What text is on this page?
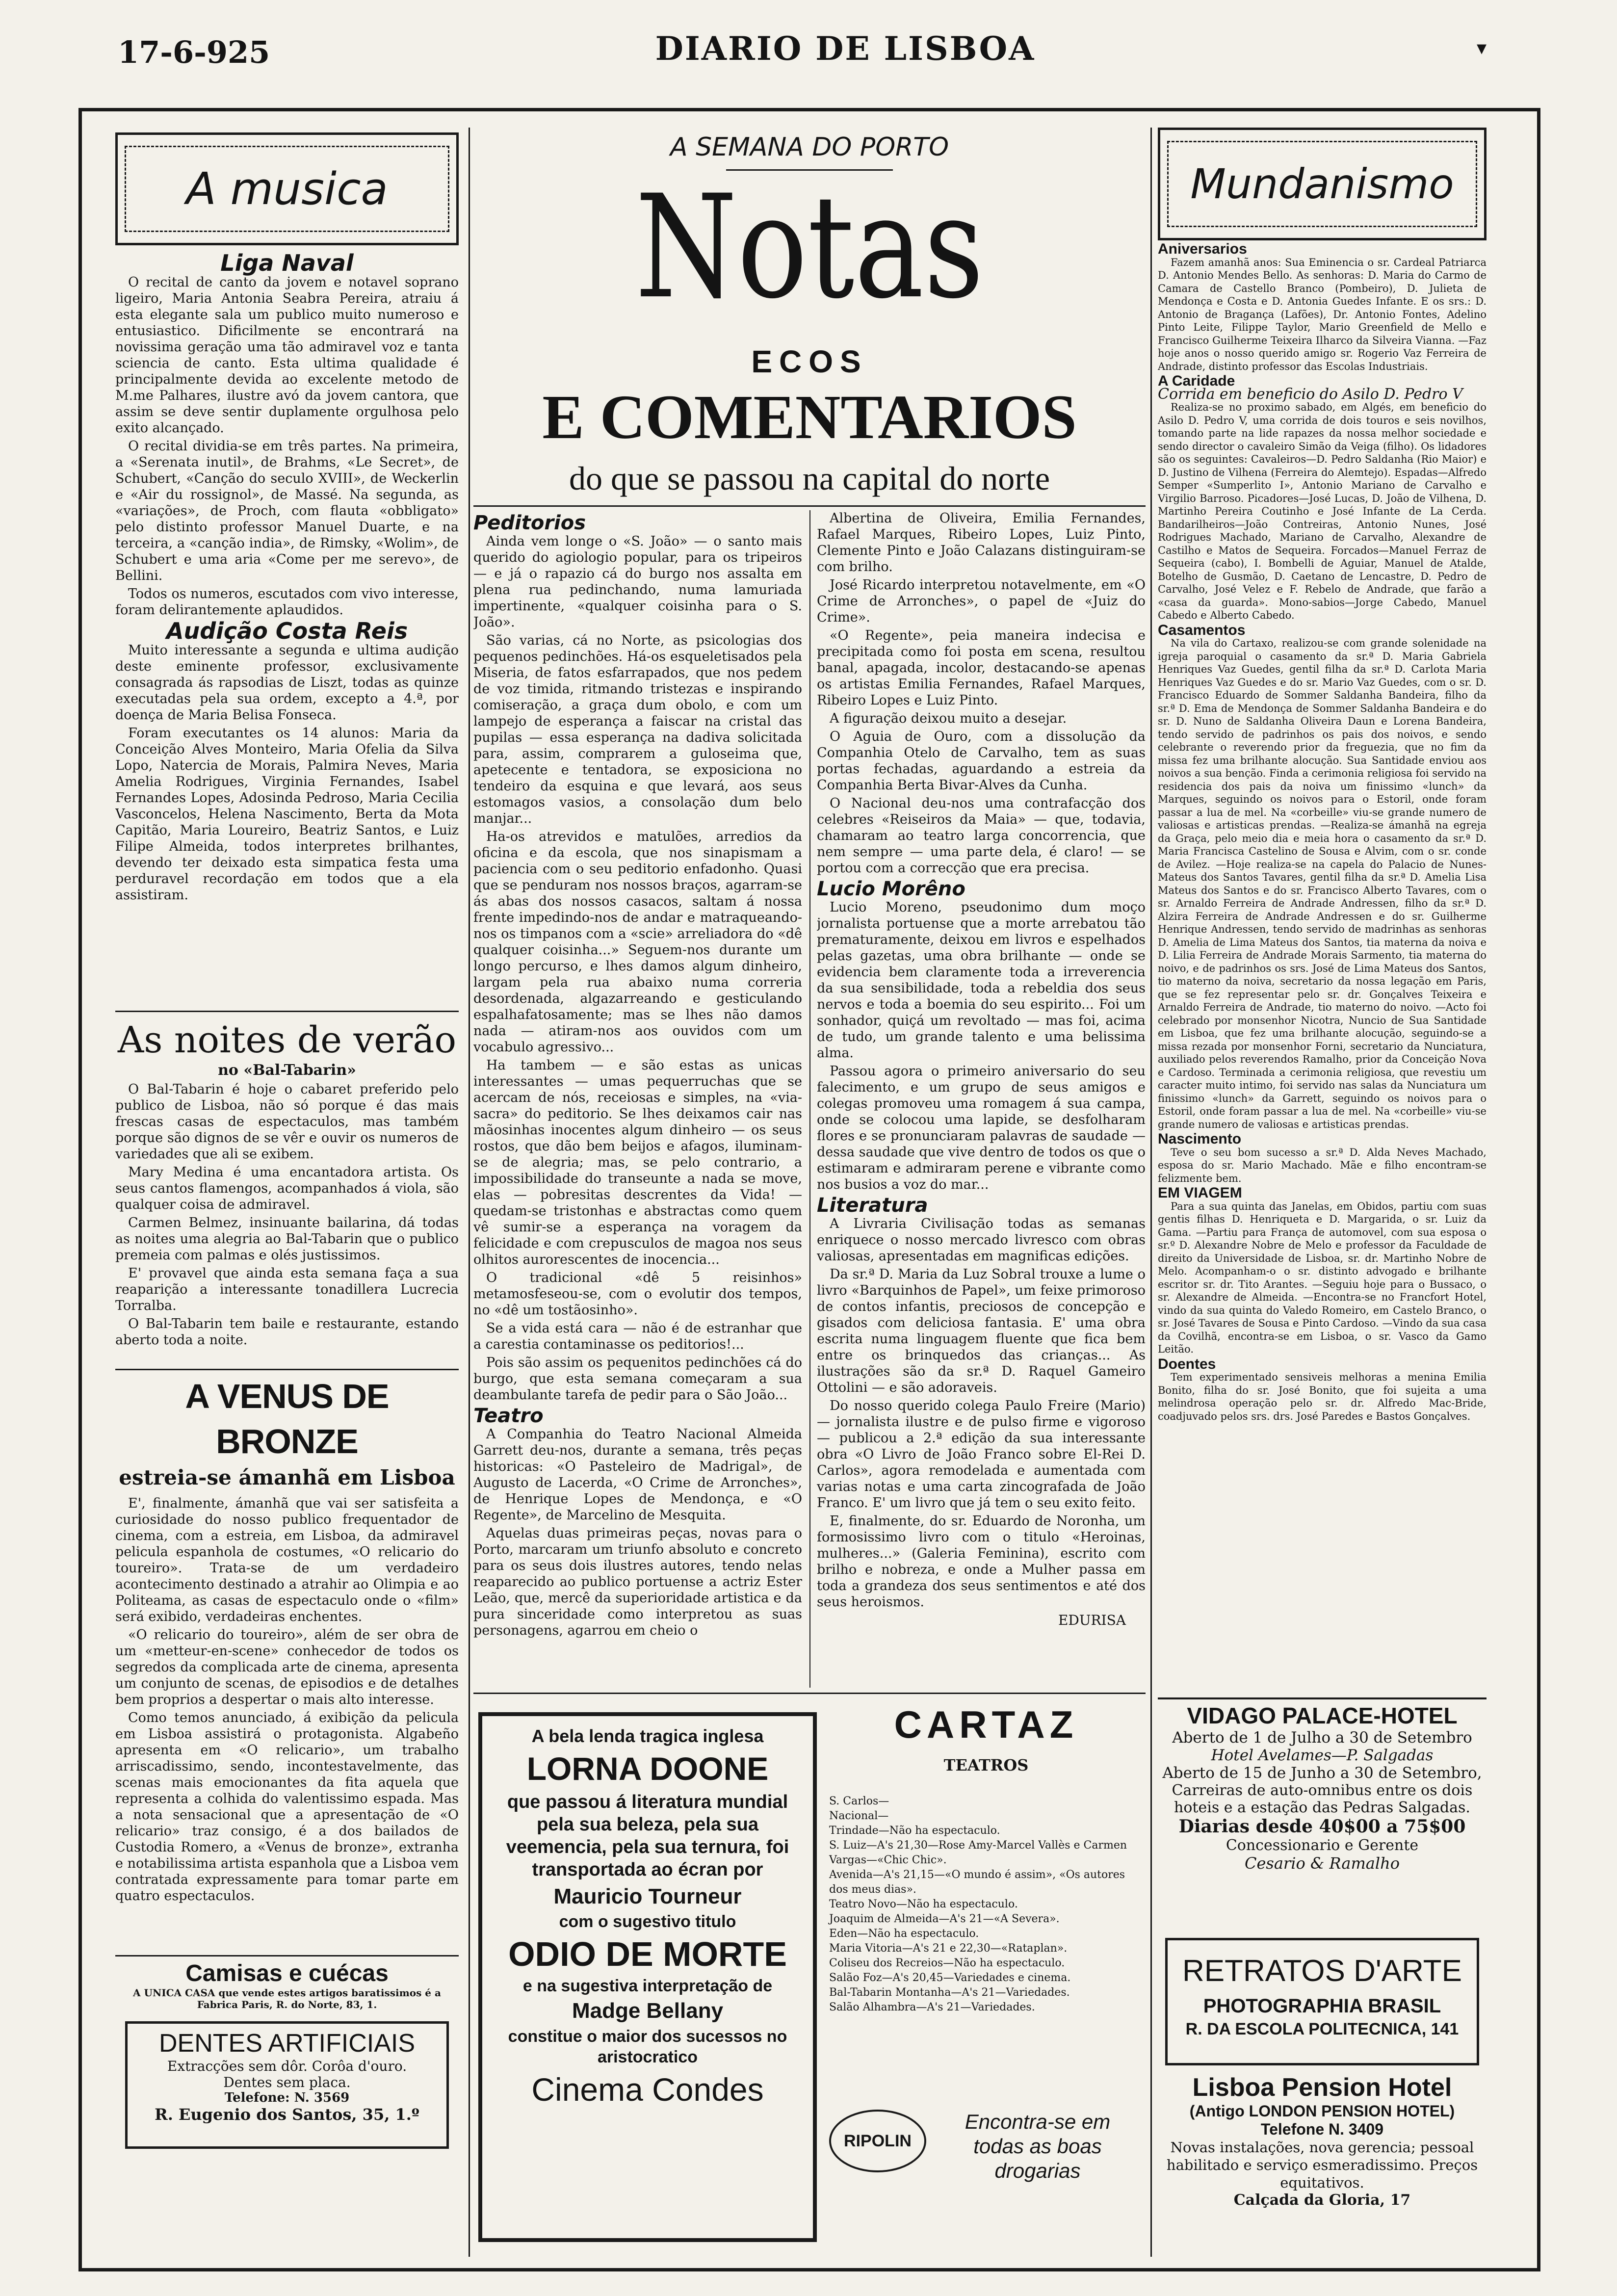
17-6-925	DIARIO DE LISBOA	▾
A musica
Liga Naval

O recital de canto da jovem e notavel soprano ligeiro, Maria Antonia Seabra Pereira, atraiu á esta elegante sala um publico muito numeroso e entusiastico. Dificilmente se encontrará na novissima geração uma tão admiravel voz e tanta sciencia de canto. Esta ultima qualidade é principalmente devida ao excelente metodo de M.me Palhares, ilustre avó da jovem cantora, que assim se deve sentir duplamente orgulhosa pelo exito alcançado.

O recital dividia-se em três partes. Na primeira, a «Serenata inutil», de Brahms, «Le Secret», de Schubert, «Canção do seculo XVIII», de Weckerlin e «Air du rossignol», de Massé. Na segunda, as «variações», de Proch, com flauta «obbligato» pelo distinto professor Manuel Duarte, e na terceira, a «canção india», de Rimsky, «Wolim», de Schubert e uma aria «Come per me serevo», de Bellini.

Todos os numeros, escutados com vivo interesse, foram delirantemente aplaudidos.

Audição Costa Reis

Muito interessante a segunda e ultima audição deste eminente professor, exclusivamente consagrada ás rapsodias de Liszt, todas as quinze executadas pela sua ordem, excepto a 4.ª, por doença de Maria Belisa Fonseca.

Foram executantes os 14 alunos: Maria da Conceição Alves Monteiro, Maria Ofelia da Silva Lopo, Natercia de Morais, Palmira Neves, Maria Amelia Rodrigues, Virginia Fernandes, Isabel Fernandes Lopes, Adosinda Pedroso, Maria Cecilia Vasconcelos, Helena Nascimento, Berta da Mota Capitão, Maria Loureiro, Beatriz Santos, e Luiz Filipe Almeida, todos interpretes brilhantes, devendo ter deixado esta simpatica festa uma perduravel recordação em todos que a ela assistiram.

As noites de verão
no «Bal-Tabarin»

O Bal-Tabarin é hoje o cabaret preferido pelo publico de Lisboa, não só porque é das mais frescas casas de espectaculos, mas também porque são dignos de se vêr e ouvir os numeros de variedades que ali se exibem.

Mary Medina é uma encantadora artista. Os seus cantos flamengos, acompanhados á viola, são qualquer coisa de admiravel.

Carmen Belmez, insinuante bailarina, dá todas as noites uma alegria ao Bal-Tabarin que o publico premeia com palmas e olés justissimos.

E' provavel que ainda esta semana faça a sua reaparição a interessante tonadillera Lucrecia Torralba.

O Bal-Tabarin tem baile e restaurante, estando aberto toda a noite.

A VENUS DE BRONZE
estreia-se ámanhã em Lisboa

E', finalmente, ámanhã que vai ser satisfeita a curiosidade do nosso publico frequentador de cinema, com a estreia, em Lisboa, da admiravel pelicula espanhola de costumes, «O relicario do toureiro». Trata-se de um verdadeiro acontecimento destinado a atrahir ao Olimpia e ao Politeama, as casas de espectaculo onde o «film» será exibido, verdadeiras enchentes.

«O relicario do toureiro», além de ser obra de um «metteur-en-scene» conhecedor de todos os segredos da complicada arte de cinema, apresenta um conjunto de scenas, de episodios e de detalhes bem proprios a despertar o mais alto interesse.

Como temos anunciado, á exibição da pelicula em Lisboa assistirá o protagonista. Algabeño apresenta em «O relicario», um trabalho arriscadissimo, sendo, incontestavelmente, das scenas mais emocionantes da fita aquela que representa a colhida do valentissimo espada. Mas a nota sensacional que a apresentação de «O relicario» traz consigo, é a dos bailados de Custodia Romero, a «Venus de bronze», extranha e notabilissima artista espanhola que a Lisboa vem contratada expressamente para tomar parte em quatro espectaculos.

Camisas e cuécas
A UNICA CASA que vende estes artigos baratissimos é a Fabrica Paris, R. do Norte, 83, 1.
DENTES ARTIFICIAIS
Extracções sem dôr. Corôa d'ouro.
Dentes sem placa.
Telefone: N. 3569
R. Eugenio dos Santos, 35, 1.º
A SEMANA DO PORTO
Notas
ECOS
E COMENTARIOS
do que se passou na capital do norte
Peditorios

Ainda vem longe o «S. João» — o santo mais querido do agiologio popular, para os tripeiros — e já o rapazio cá do burgo nos assalta em plena rua pedinchando, numa lamuriada impertinente, «qualquer coisinha para o S. João».

São varias, cá no Norte, as psicologias dos pequenos pedinchões. Há-os esqueletisados pela Miseria, de fatos esfarrapados, que nos pedem de voz timida, ritmando tristezas e inspirando comiseração, a graça dum obolo, e com um lampejo de esperança a faiscar na cristal das pupilas — essa esperança na dadiva solicitada para, assim, comprarem a guloseima que, apetecente e tentadora, se exposiciona no tendeiro da esquina e que levará, aos seus estomagos vasios, a consolação dum belo manjar...

Ha-os atrevidos e matulões, arredios da oficina e da escola, que nos sinapismam a paciencia com o seu peditorio enfadonho. Quasi que se penduram nos nossos braços, agarram-se ás abas dos nossos casacos, saltam á nossa frente impedindo-nos de andar e matraqueando-nos os timpanos com a «scie» arreliadora do «dê qualquer coisinha...» Seguem-nos durante um longo percurso, e lhes damos algum dinheiro, largam pela rua abaixo numa correria desordenada, algazarreando e gesticulando espalhafatosamente; mas se lhes não damos nada — atiram-nos aos ouvidos com um vocabulo agressivo...

Ha tambem — e são estas as unicas interessantes — umas pequerruchas que se acercam de nós, receiosas e simples, na «via-sacra» do peditorio. Se lhes deixamos cair nas mãosinhas inocentes algum dinheiro — os seus rostos, que dão bem beijos e afagos, iluminam-se de alegria; mas, se pelo contrario, a impossibilidade do transeunte a nada se move, elas — pobresitas descrentes da Vida! — quedam-se tristonhas e abstractas como quem vê sumir-se a esperança na voragem da felicidade e com crepusculos de magoa nos seus olhitos aurorescentes de inocencia...

O tradicional «dê 5 reisinhos» metamosfeseou-se, com o evolutir dos tempos, no «dê um tostãosinho».

Se a vida está cara — não é de estranhar que a carestia contaminasse os peditorios!...

Pois são assim os pequenitos pedinchões cá do burgo, que esta semana começaram a sua deambulante tarefa de pedir para o São João...

Teatro

A Companhia do Teatro Nacional Almeida Garrett deu-nos, durante a semana, três peças historicas: «O Pasteleiro de Madrigal», de Augusto de Lacerda, «O Crime de Arronches», de Henrique Lopes de Mendonça, e «O Regente», de Marcelino de Mesquita.

Aquelas duas primeiras peças, novas para o Porto, marcaram um triunfo absoluto e concreto para os seus dois ilustres autores, tendo nelas reaparecido ao publico portuense a actriz Ester Leão, que, mercê da superioridade artistica e da pura sinceridade como interpretou as suas personagens, agarrou em cheio o

Albertina de Oliveira, Emilia Fernandes, Rafael Marques, Ribeiro Lopes, Luiz Pinto, Clemente Pinto e João Calazans distinguiram-se com brilho.

José Ricardo interpretou notavelmente, em «O Crime de Arronches», o papel de «Juiz do Crime».

«O Regente», peia maneira indecisa e precipitada como foi posta em scena, resultou banal, apagada, incolor, destacando-se apenas os artistas Emilia Fernandes, Rafael Marques, Ribeiro Lopes e Luiz Pinto.

A figuração deixou muito a desejar.

O Aguia de Ouro, com a dissolução da Companhia Otelo de Carvalho, tem as suas portas fechadas, aguardando a estreia da Companhia Berta Bivar-Alves da Cunha.

O Nacional deu-nos uma contrafacção dos celebres «Reiseiros da Maia» — que, todavia, chamaram ao teatro larga concorrencia, que nem sempre — uma parte dela, é claro! — se portou com a correcção que era precisa.

Lucio Morêno

Lucio Moreno, pseudonimo dum moço jornalista portuense que a morte arrebatou tão prematuramente, deixou em livros e espelhados pelas gazetas, uma obra brilhante — onde se evidencia bem claramente toda a irreverencia da sua sensibilidade, toda a rebeldia dos seus nervos e toda a boemia do seu espirito... Foi um sonhador, quiçá um revoltado — mas foi, acima de tudo, um grande talento e uma belissima alma.

Passou agora o primeiro aniversario do seu falecimento, e um grupo de seus amigos e colegas promoveu uma romagem á sua campa, onde se colocou uma lapide, se desfolharam flores e se pronunciaram palavras de saudade — dessa saudade que vive dentro de todos os que o estimaram e admiraram perene e vibrante como nos busios a voz do mar...

Literatura

A Livraria Civilisação todas as semanas enriquece o nosso mercado livresco com obras valiosas, apresentadas em magnificas edições.

Da sr.ª D. Maria da Luz Sobral trouxe a lume o livro «Barquinhos de Papel», um feixe primoroso de contos infantis, preciosos de concepção e gisados com deliciosa fantasia. E' uma obra escrita numa linguagem fluente que fica bem entre os brinquedos das crianças... As ilustrações são da sr.ª D. Raquel Gameiro Ottolini — e são adoraveis.

Do nosso querido colega Paulo Freire (Mario) — jornalista ilustre e de pulso firme e vigoroso — publicou a 2.ª edição da sua interessante obra «O Livro de João Franco sobre El-Rei D. Carlos», agora remodelada e aumentada com varias notas e uma carta zincografada de João Franco. E' um livro que já tem o seu exito feito.

E, finalmente, do sr. Eduardo de Noronha, um formosissimo livro com o titulo «Heroinas, mulheres...» (Galeria Feminina), escrito com brilho e nobreza, e onde a Mulher passa em toda a grandeza dos seus sentimentos e até dos seus heroismos.

EDURISA
A bela lenda tragica inglesa
LORNA DOONE
que passou á literatura mundial pela sua beleza, pela sua veemencia, pela sua ternura, foi transportada ao écran por
Mauricio Tourneur
com o sugestivo titulo
ODIO DE MORTE
e na sugestiva interpretação de
Madge Bellany
constitue o maior dos sucessos no aristocratico
Cinema Condes
CARTAZ
TEATROS
S. Carlos—
Nacional—
Trindade—Não ha espectaculo.
S. Luiz—A's 21,30—Rose Amy-Marcel Vallès e Carmen Vargas—«Chic Chic».
Avenida—A's 21,15—«O mundo é assim», «Os autores dos meus dias».
Teatro Novo—Não ha espectaculo.
Joaquim de Almeida—A's 21—«A Severa».
Eden—Não ha espectaculo.
Maria Vitoria—A's 21 e 22,30—«Rataplan».
Coliseu dos Recreios—Não ha espectaculo.
Salão Foz—A's 20,45—Variedades e cinema.
Bal-Tabarin Montanha—A's 21—Variedades.
Salão Alhambra—A's 21—Variedades.
RIPOLIN
Encontra-se em todas as boas drogarias
Mundanismo
Aniversarios

Fazem amanhã anos: Sua Eminencia o sr. Cardeal Patriarca D. Antonio Mendes Bello. As senhoras: D. Maria do Carmo de Camara de Castello Branco (Pombeiro), D. Julieta de Mendonça e Costa e D. Antonia Guedes Infante. E os srs.: D. Antonio de Bragança (Lafões), Dr. Antonio Fontes, Adelino Pinto Leite, Filippe Taylor, Mario Greenfield de Mello e Francisco Guilherme Teixeira Ilharco da Silveira Vianna. —Faz hoje anos o nosso querido amigo sr. Rogerio Vaz Ferreira de Andrade, distinto professor das Escolas Industriais.

A Caridade
Corrida em beneficio do Asilo D. Pedro V

Realiza-se no proximo sabado, em Algés, em beneficio do Asilo D. Pedro V, uma corrida de dois touros e seis novilhos, tomando parte na lide rapazes da nossa melhor sociedade e sendo director o cavaleiro Simão da Veiga (filho). Os lidadores são os seguintes: Cavaleiros—D. Pedro Saldanha (Rio Maior) e D. Justino de Vilhena (Ferreira do Alemtejo). Espadas—Alfredo Semper «Sumperlito I», Antonio Mariano de Carvalho e Virgilio Barroso. Picadores—José Lucas, D. João de Vilhena, D. Martinho Pereira Coutinho e José Infante de La Cerda. Bandarilheiros—João Contreiras, Antonio Nunes, José Rodrigues Machado, Mariano de Carvalho, Alexandre de Castilho e Matos de Sequeira. Forcados—Manuel Ferraz de Sequeira (cabo), I. Bombelli de Aguiar, Manuel de Atalde, Botelho de Gusmão, D. Caetano de Lencastre, D. Pedro de Carvalho, José Velez e F. Rebelo de Andrade, que farão a «casa da guarda». Mono-sabios—Jorge Cabedo, Manuel Cabedo e Alberto Cabedo.

Casamentos

Na vila do Cartaxo, realizou-se com grande solenidade na igreja paroquial o casamento da sr.ª D. Maria Gabriela Henriques Vaz Guedes, gentil filha da sr.ª D. Carlota Maria Henriques Vaz Guedes e do sr. Mario Vaz Guedes, com o sr. D. Francisco Eduardo de Sommer Saldanha Bandeira, filho da sr.ª D. Ema de Mendonça de Sommer Saldanha Bandeira e do sr. D. Nuno de Saldanha Oliveira Daun e Lorena Bandeira, tendo servido de padrinhos os pais dos noivos, e sendo celebrante o reverendo prior da freguezia, que no fim da missa fez uma brilhante alocução. Sua Santidade enviou aos noivos a sua benção. Finda a cerimonia religiosa foi servido na residencia dos pais da noiva um finissimo «lunch» da Marques, seguindo os noivos para o Estoril, onde foram passar a lua de mel. Na «corbeille» viu-se grande numero de valiosas e artisticas prendas. —Realiza-se ámanhã na egreja da Graça, pelo meio dia e meia hora o casamento da sr.ª D. Maria Francisca Castelino de Sousa e Alvim, com o sr. conde de Avilez. —Hoje realiza-se na capela do Palacio de Nunes-Mateus dos Santos Tavares, gentil filha da sr.ª D. Amelia Lisa Mateus dos Santos e do sr. Francisco Alberto Tavares, com o sr. Arnaldo Ferreira de Andrade Andressen, filho da sr.ª D. Alzira Ferreira de Andrade Andressen e do sr. Guilherme Henrique Andressen, tendo servido de madrinhas as senhoras D. Amelia de Lima Mateus dos Santos, tia materna da noiva e D. Lilia Ferreira de Andrade Morais Sarmento, tia materna do noivo, e de padrinhos os srs. José de Lima Mateus dos Santos, tio materno da noiva, secretario da nossa legação em Paris, que se fez representar pelo sr. dr. Gonçalves Teixeira e Arnaldo Ferreira de Andrade, tio materno do noivo. —Acto foi celebrado por monsenhor Nicotra, Nuncio de Sua Santidade em Lisboa, que fez uma brilhante alocução, seguindo-se a missa rezada por monsenhor Forni, secretario da Nunciatura, auxiliado pelos reverendos Ramalho, prior da Conceição Nova e Cardoso. Terminada a cerimonia religiosa, que revestiu um caracter muito intimo, foi servido nas salas da Nunciatura um finissimo «lunch» da Garrett, seguindo os noivos para o Estoril, onde foram passar a lua de mel. Na «corbeille» viu-se grande numero de valiosas e artisticas prendas.

Nascimento

Teve o seu bom sucesso a sr.ª D. Alda Neves Machado, esposa do sr. Mario Machado. Mãe e filho encontram-se felizmente bem.

EM VIAGEM

Para a sua quinta das Janelas, em Obidos, partiu com suas gentis filhas D. Henriqueta e D. Margarida, o sr. Luiz da Gama. —Partiu para França de automovel, com sua esposa o sr.º D. Alexandre Nobre de Melo e professor da Faculdade de direito da Universidade de Lisboa, sr. dr. Martinho Nobre de Melo. Acompanham-o o sr. distinto advogado e brilhante escritor sr. dr. Tito Arantes. —Seguiu hoje para o Bussaco, o sr. Alexandre de Almeida. —Encontra-se no Francfort Hotel, vindo da sua quinta do Valedo Romeiro, em Castelo Branco, o sr. José Tavares de Sousa e Pinto Cardoso. —Vindo da sua casa da Covilhã, encontra-se em Lisboa, o sr. Vasco da Gamo Leitão.

Doentes

Tem experimentado sensiveis melhoras a menina Emilia Bonito, filha do sr. José Bonito, que foi sujeita a uma melindrosa operação pelo sr. dr. Alfredo Mac-Bride, coadjuvado pelos srs. drs. José Paredes e Bastos Gonçalves.

VIDAGO PALACE-HOTEL
Aberto de 1 de Julho a 30 de Setembro
Hotel Avelames—P. Salgadas
Aberto de 15 de Junho a 30 de Setembro,
Carreiras de auto-omnibus entre os dois hoteis e a estação das Pedras Salgadas.
Diarias desde 40$00 a 75$00
Concessionario e Gerente
Cesario & Ramalho
RETRATOS D'ARTE
PHOTOGRAPHIA BRASIL
R. DA ESCOLA POLITECNICA, 141
Lisboa Pension Hotel
(Antigo LONDON PENSION HOTEL)
Telefone N. 3409
Novas instalações, nova gerencia; pessoal habilitado e serviço esmeradissimo. Preços equitativos.
Calçada da Gloria, 17
